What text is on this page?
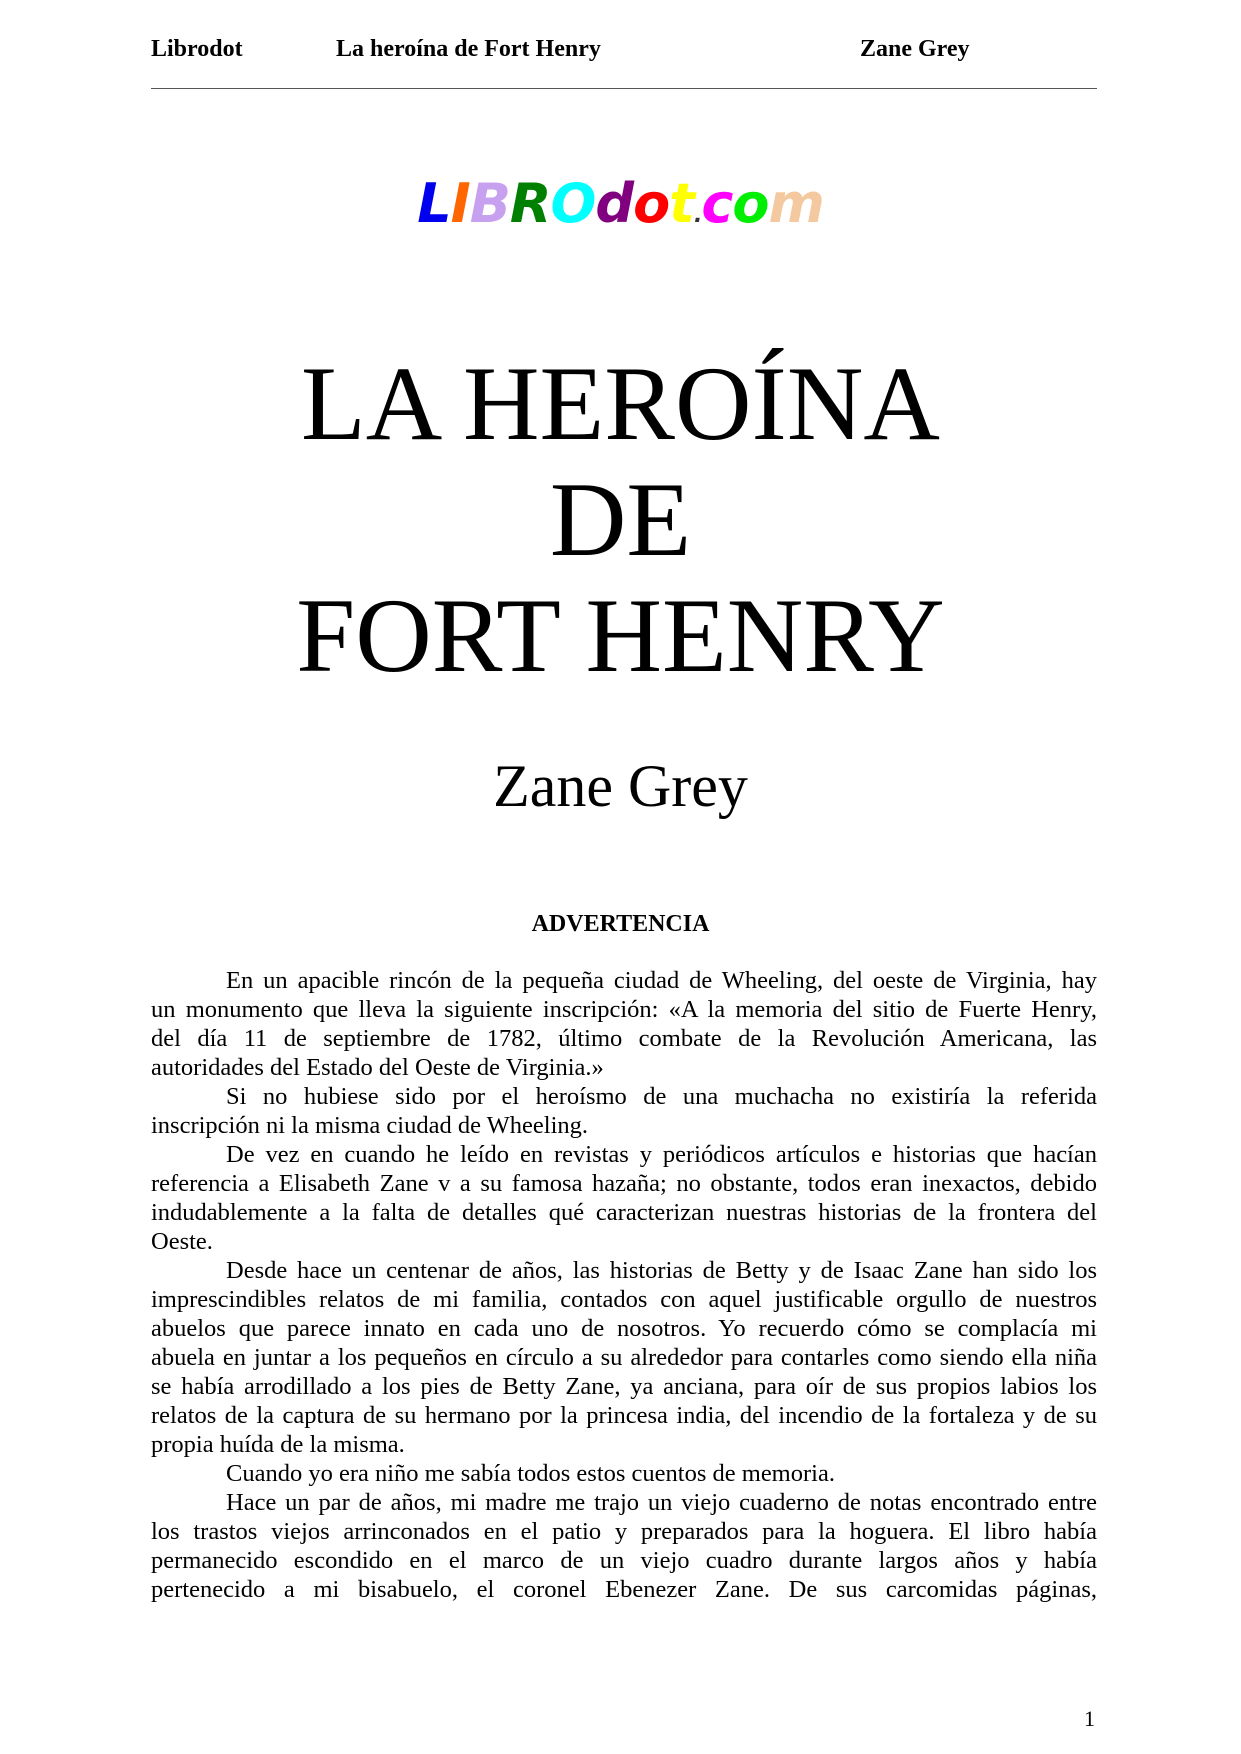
Librodot	La heroína de Fort Henry	Zane Grey
LIBROdot.com
LA HEROÍNA
DE
FORT HENRY
Zane Grey
ADVERTENCIA
En un apacible rincón de la pequeña ciudad de Wheeling, del oeste de Virginia, hay
un monumento que lleva la siguiente inscripción: «A la memoria del sitio de Fuerte Henry,
del día 11 de septiembre de 1782, último combate de la Revolución Americana, las
autoridades del Estado del Oeste de Virginia.»
Si no hubiese sido por el heroísmo de una muchacha no existiría la referida
inscripción ni la misma ciudad de Wheeling.
De vez en cuando he leído en revistas y periódicos artículos e historias que hacían
referencia a Elisabeth Zane v a su famosa hazaña; no obstante, todos eran inexactos, debido
indudablemente a la falta de detalles qué caracterizan nuestras historias de la frontera del
Oeste.
Desde hace un centenar de años, las historias de Betty y de Isaac Zane han sido los
imprescindibles relatos de mi familia, contados con aquel justificable orgullo de nuestros
abuelos que parece innato en cada uno de nosotros. Yo recuerdo cómo se complacía mi
abuela en juntar a los pequeños en círculo a su alrededor para contarles como siendo ella niña
se había arrodillado a los pies de Betty Zane, ya anciana, para oír de sus propios labios los
relatos de la captura de su hermano por la princesa india, del incendio de la fortaleza y de su
propia huída de la misma.
Cuando yo era niño me sabía todos estos cuentos de memoria.
Hace un par de años, mi madre me trajo un viejo cuaderno de notas encontrado entre
los trastos viejos arrinconados en el patio y preparados para la hoguera. El libro había
permanecido escondido en el marco de un viejo cuadro durante largos años y había
pertenecido a mi bisabuelo, el coronel Ebenezer Zane. De sus carcomidas páginas,
1
